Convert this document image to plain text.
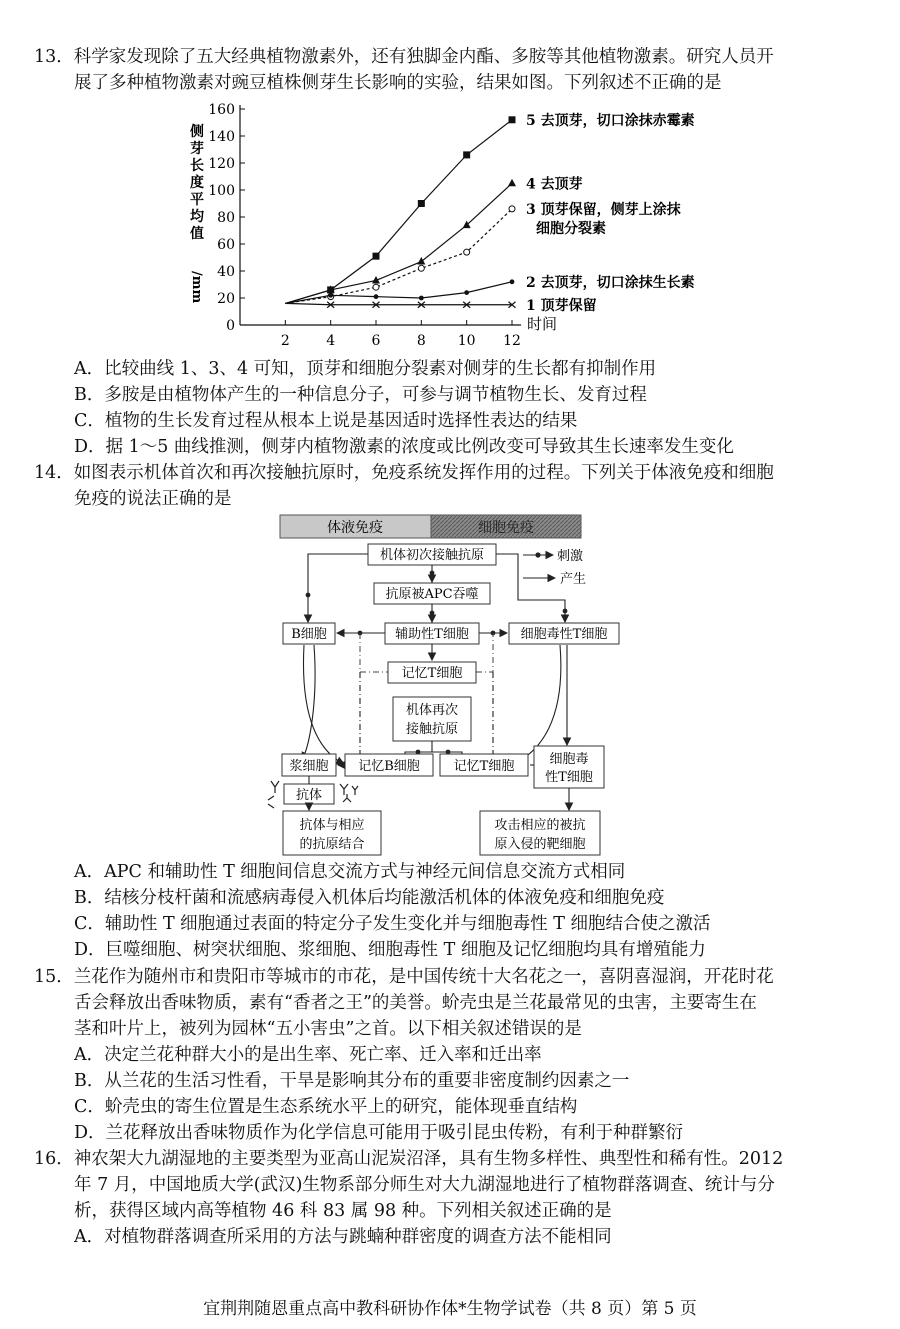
13．科学家发现除了五大经典植物激素外，还有独脚金内酯、多胺等其他植物激素。研究人员开
展了多种植物激素对豌豆植株侧芽生长影响的实验，结果如图。下列叙述不正确的是
侧
芽
长
度
平
均
值
/mm
0
20
40
60
80
100
120
140
160
2	4	6	8 10 12
5 去顶芽，切口涂抹赤霉素
4 去顶芽
3 顶芽保留，侧芽上涂抹
细胞分裂素
2 去顶芽，切口涂抹生长素
1 顶芽保留
时间
A．比较曲线 1、3、4 可知，顶芽和细胞分裂素对侧芽的生长都有抑制作用
B．多胺是由植物体产生的一种信息分子，可参与调节植物生长、发育过程
C．植物的生长发育过程从根本上说是基因适时选择性表达的结果
D．据 1～5 曲线推测，侧芽内植物激素的浓度或比例改变可导致其生长速率发生变化
14．如图表示机体首次和再次接触抗原时，免疫系统发挥作用的过程。下列关于体液免疫和细胞
免疫的说法正确的是
体液免疫	细胞免疫
刺激
产生
机体初次接触抗原
抗原被APC吞噬
B细胞	辅助性T细胞	细胞毒性T细胞
记忆T细胞
机体再次
接触抗原
浆细胞 记忆B细胞	记忆T细胞	细胞毒
性T细胞
抗体
抗体与相应
的抗原结合
攻击相应的被抗
原入侵的靶细胞
A．APC 和辅助性 T 细胞间信息交流方式与神经元间信息交流方式相同
B．结核分枝杆菌和流感病毒侵入机体后均能激活机体的体液免疫和细胞免疫
C．辅助性 T 细胞通过表面的特定分子发生变化并与细胞毒性 T 细胞结合使之激活
D．巨噬细胞、树突状细胞、浆细胞、细胞毒性 T 细胞及记忆细胞均具有增殖能力
15．兰花作为随州市和贵阳市等城市的市花，是中国传统十大名花之一，喜阴喜湿润，开花时花
舌会释放出香味物质，素有“香者之王”的美誉。蚧壳虫是兰花最常见的虫害，主要寄生在
茎和叶片上，被列为园林“五小害虫”之首。以下相关叙述错误的是
A．决定兰花种群大小的是出生率、死亡率、迁入率和迁出率
B．从兰花的生活习性看，干旱是影响其分布的重要非密度制约因素之一
C．蚧壳虫的寄生位置是生态系统水平上的研究，能体现垂直结构
D．兰花释放出香味物质作为化学信息可能用于吸引昆虫传粉，有利于种群繁衍
16．神农架大九湖湿地的主要类型为亚高山泥炭沼泽，具有生物多样性、典型性和稀有性。2012
年 7 月，中国地质大学(武汉)生物系部分师生对大九湖湿地进行了植物群落调查、统计与分
析，获得区域内高等植物 46 科 83 属 98 种。下列相关叙述正确的是
A．对植物群落调查所采用的方法与跳蝻种群密度的调查方法不能相同
宜荆荆随恩重点高中教科研协作体*生物学试卷（共 8 页）第 5 页
